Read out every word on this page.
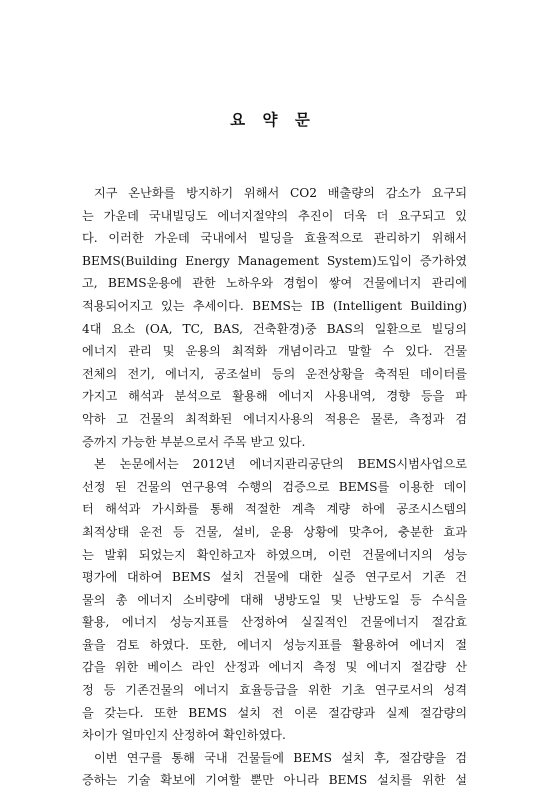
요 약 문
지구 온난화를 방지하기 위해서 CO2 배출량의 감소가 요구되
는 가운데 국내빌딩도 에너지절약의 추진이 더욱 더 요구되고 있
다. 이러한 가운데 국내에서 빌딩을 효율적으로 관리하기 위해서
BEMS(Building Energy Management System)도입이 증가하였
고, BEMS운용에 관한 노하우와 경험이 쌓여 건물에너지 관리에
적용되어지고 있는 추세이다. BEMS는 IB (Intelligent Building)
4대 요소 (OA, TC, BAS, 건축환경)중 BAS의 일환으로 빌딩의
에너지 관리 및 운용의 최적화 개념이라고 말할 수 있다. 건물
전체의 전기, 에너지, 공조설비 등의 운전상황을 축적된 데이터를
가지고 해석과 분석으로 활용해 에너지 사용내역, 경향 등을 파
악하 고 건물의 최적화된 에너지사용의 적용은 물론, 측정과 검
증까지 가능한 부분으로서 주목 받고 있다.
본 논문에서는 2012년 에너지관리공단의 BEMS시범사업으로
선정 된 건물의 연구용역 수행의 검증으로 BEMS를 이용한 데이
터 해석과 가시화를 통해 적절한 계측 계량 하에 공조시스템의
최적상태 운전 등 건물, 설비, 운용 상황에 맞추어, 충분한 효과
는 발휘 되었는지 확인하고자 하였으며, 이런 건물에너지의 성능
평가에 대하여 BEMS 설치 건물에 대한 실증 연구로서 기존 건
물의 총 에너지 소비량에 대해 냉방도일 및 난방도일 등 수식을
활용, 에너지 성능지표를 산정하여 실질적인 건물에너지 절감효
율을 검토 하였다. 또한, 에너지 성능지표를 활용하여 에너지 절
감을 위한 베이스 라인 산정과 에너지 측정 및 에너지 절감량 산
정 등 기존건물의 에너지 효율등급을 위한 기초 연구로서의 성격
을 갖는다. 또한 BEMS 설치 전 이론 절감량과 실제 절감량의
차이가 얼마인지 산정하여 확인하였다.
이번 연구를 통해 국내 건물들에 BEMS 설치 후, 절감량을 검
증하는 기술 확보에 기여할 뿐만 아니라 BEMS 설치를 위한 설
